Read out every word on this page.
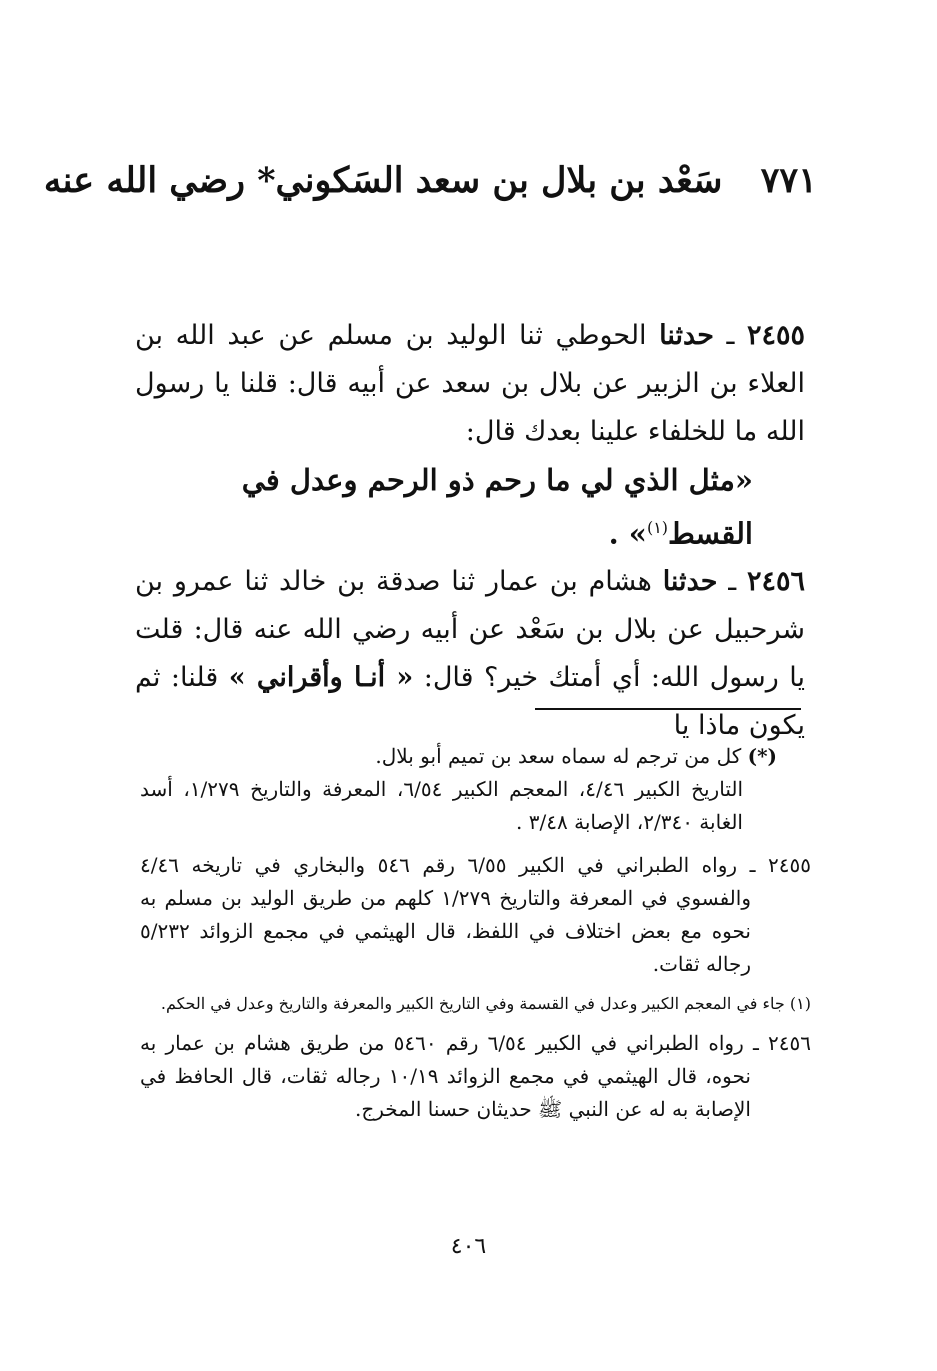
٧٧١ سَعْد بن بلال بن سعد السَكوني* رضي الله عنه

٢٤٥٥ ـ حدثنا الحوطي ثنا الوليد بن مسلم عن عبد الله بن العلاء بن الزبير عن بلال بن سعد عن أبيه قال: قلنا يا رسول الله ما للخلفاء علينا بعدك قال:

«مثل الذي لي ما رحم ذو الرحم وعدل في القسط$^{(١)}$» .

٢٤٥٦ ـ حدثنا هشام بن عمار ثنا صدقة بن خالد ثنا عمرو بن شرحبيل عن بلال بن سَعْد عن أبيه رضي الله عنه قال: قلت يا رسول الله: أي أمتك خير؟ قال: « أنـا وأقراني » قلنا: ثم يكون ماذا يا

(*) كل من ترجم له سماه سعد بن تميم أبو بلال.
التاريخ الكبير ٤/٤٦، المعجم الكبير ٦/٥٤، المعرفة والتاريخ ١/٢٧٩، أسد الغابة ٢/٣٤٠، الإصابة ٣/٤٨ .

٢٤٥٥ ـ رواه الطبراني في الكبير ٦/٥٥ رقم ٥٤٦ والبخاري في تاريخه ٤/٤٦ والفسوي في المعرفة والتاريخ ١/٢٧٩ كلهم من طريق الوليد بن مسلم به نحوه مع بعض اختلاف في اللفظ، قال الهيثمي في مجمع الزوائد ٥/٢٣٢ رجاله ثقات.

(١) جاء في المعجم الكبير وعدل في القسمة وفي التاريخ الكبير والمعرفة والتاريخ وعدل في الحكم.

٢٤٥٦ ـ رواه الطبراني في الكبير ٦/٥٤ رقم ٥٤٦٠ من طريق هشام بن عمار به نحوه، قال الهيثمي في مجمع الزوائد ١٠/١٩ رجاله ثقات، قال الحافظ في الإصابة به له عن النبي ﷺ حديثان حسنا المخرج.

٤٠٦
